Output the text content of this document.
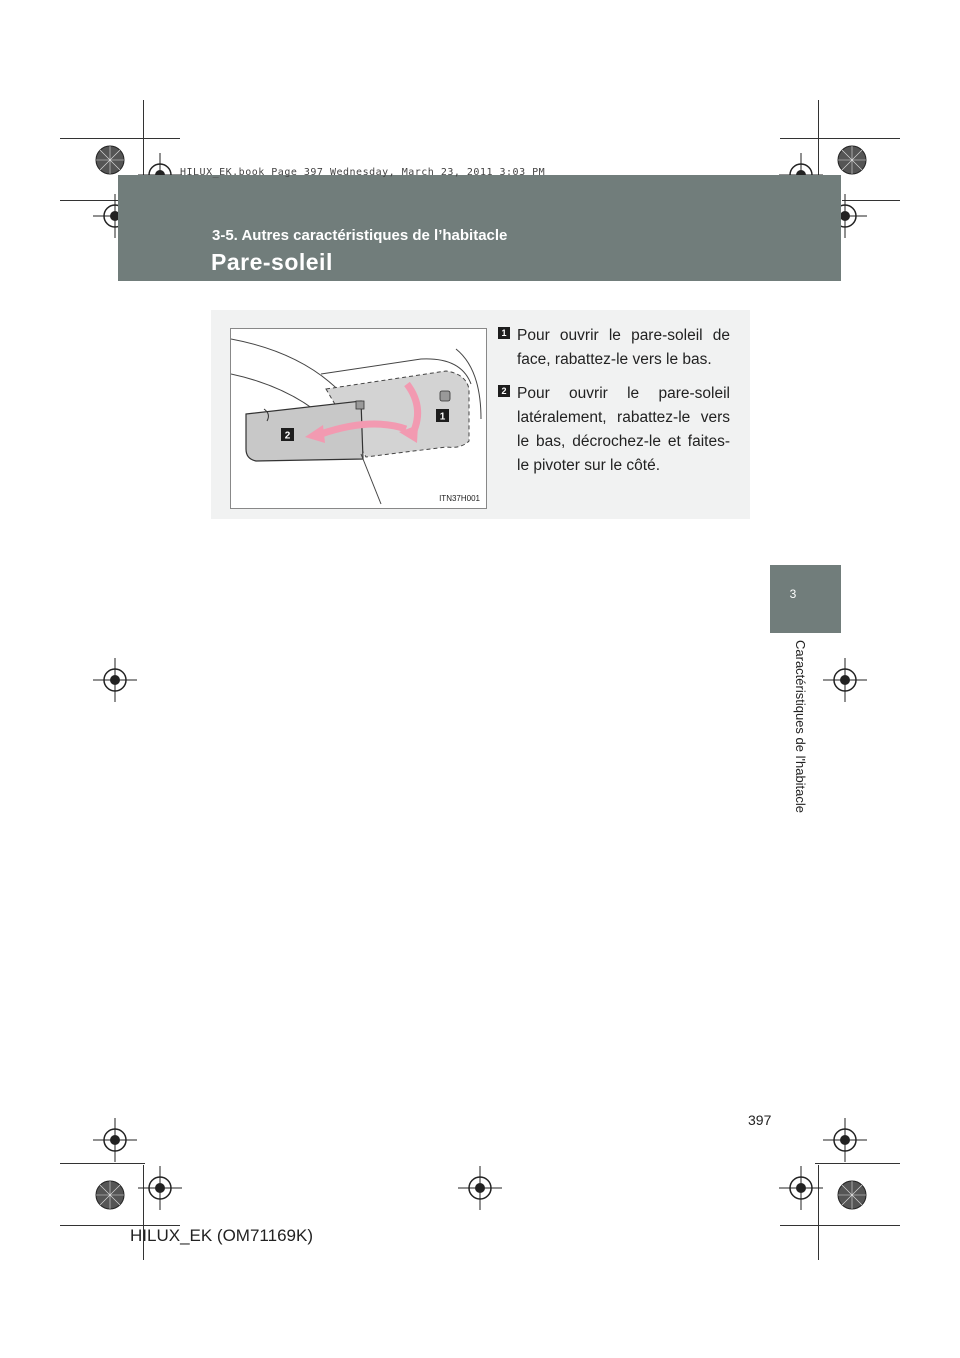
HILUX_EK.book Page 397 Wednesday, March 23, 2011 3:03 PM
3-5. Autres caractéristiques de l’habitacle
Pare-soleil
3
Caractéristiques de l'habitacle
1
2
ITN37H001
1 Pour ouvrir le pare-soleil de face, rabattez-le vers le bas.
2 Pour ouvrir le pare-soleil latéralement, rabattez-le vers le bas, décrochez-le et faites-le pivoter sur le côté.
397
HILUX_EK (OM71169K)
